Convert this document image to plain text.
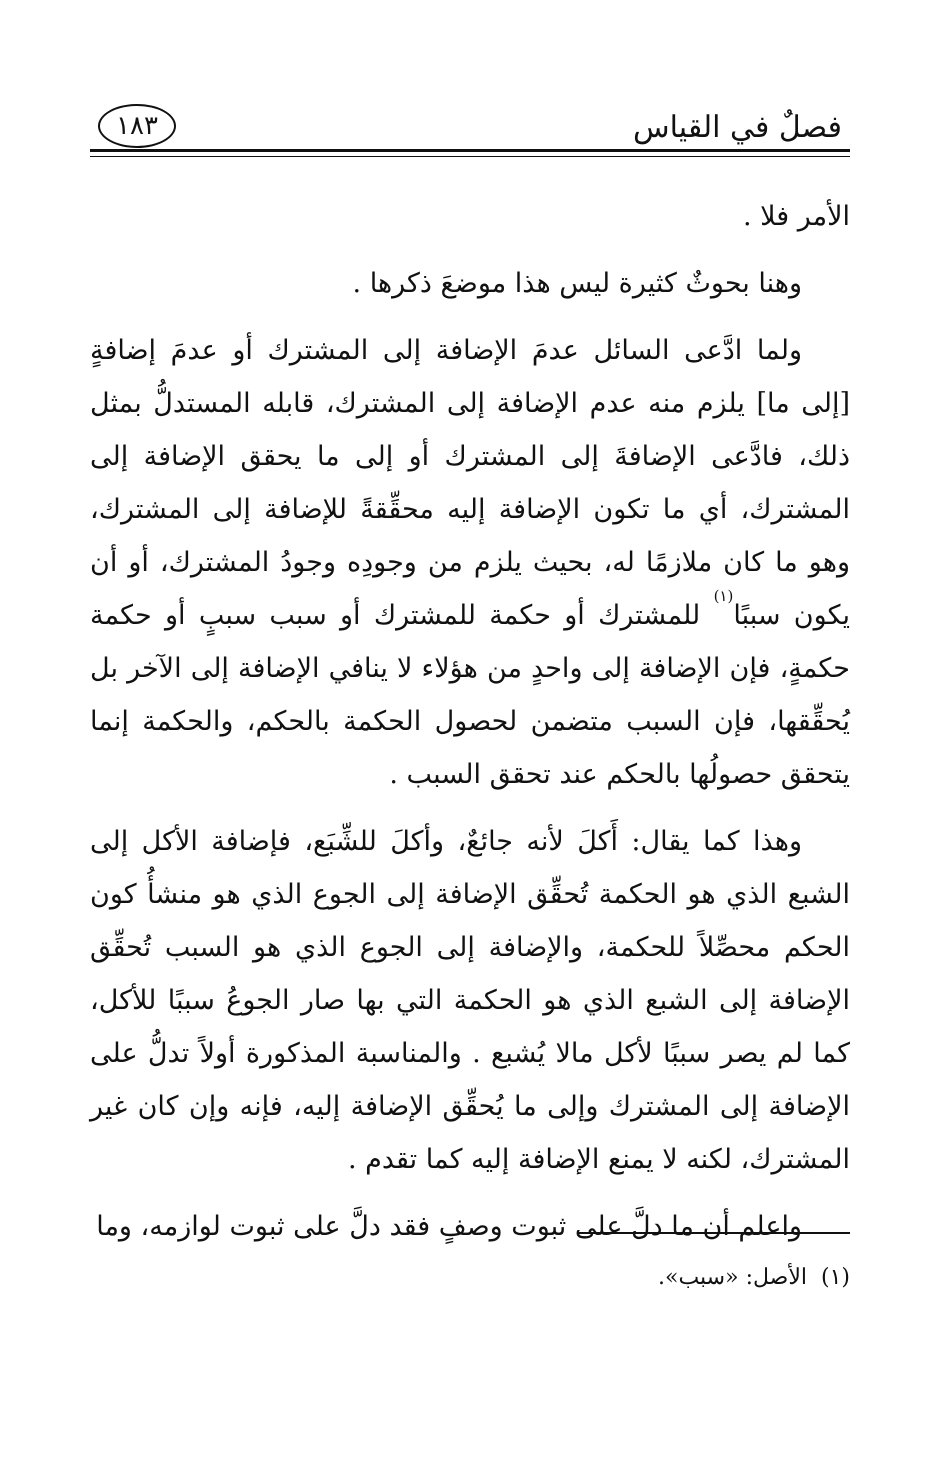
فصلٌ في القياس
١٨٣

الأمر فلا .

وهنا بحوثٌ كثيرة ليس هذا موضعَ ذكرها .

ولما ادَّعى السائل عدمَ الإضافة إلى المشترك أو عدمَ إضافةٍ [إلى ما] يلزم منه عدم الإضافة إلى المشترك، قابله المستدلُّ بمثل ذلك، فادَّعى الإضافةَ إلى المشترك أو إلى ما يحقق الإضافة إلى المشترك، أي ما تكون الإضافة إليه محقِّقةً للإضافة إلى المشترك، وهو ما كان ملازمًا له، بحيث يلزم من وجودِه وجودُ المشترك، أو أن يكون سببًا$^{(١)}$ للمشترك أو حكمة للمشترك أو سبب سببٍ أو حكمة حكمةٍ، فإن الإضافة إلى واحدٍ من هؤلاء لا ينافي الإضافة إلى الآخر بل يُحقِّقها، فإن السبب متضمن لحصول الحكمة بالحكم، والحكمة إنما يتحقق حصولُها بالحكم عند تحقق السبب .

وهذا كما يقال: أَكلَ لأنه جائعٌ، وأكلَ للشِّبَع، فإضافة الأكل إلى الشبع الذي هو الحكمة تُحقِّق الإضافة إلى الجوع الذي هو منشأُ كون الحكم محصِّلاً للحكمة، والإضافة إلى الجوع الذي هو السبب تُحقِّق الإضافة إلى الشبع الذي هو الحكمة التي بها صار الجوعُ سببًا للأكل، كما لم يصر سببًا لأكل مالا يُشبع . والمناسبة المذكورة أولاً تدلُّ على الإضافة إلى المشترك وإلى ما يُحقِّق الإضافة إليه، فإنه وإن كان غير المشترك، لكنه لا يمنع الإضافة إليه كما تقدم .

واعلم أن ما دلَّ على ثبوت وصفٍ فقد دلَّ على ثبوت لوازمه، وما

(١)الأصل: «سبب».
